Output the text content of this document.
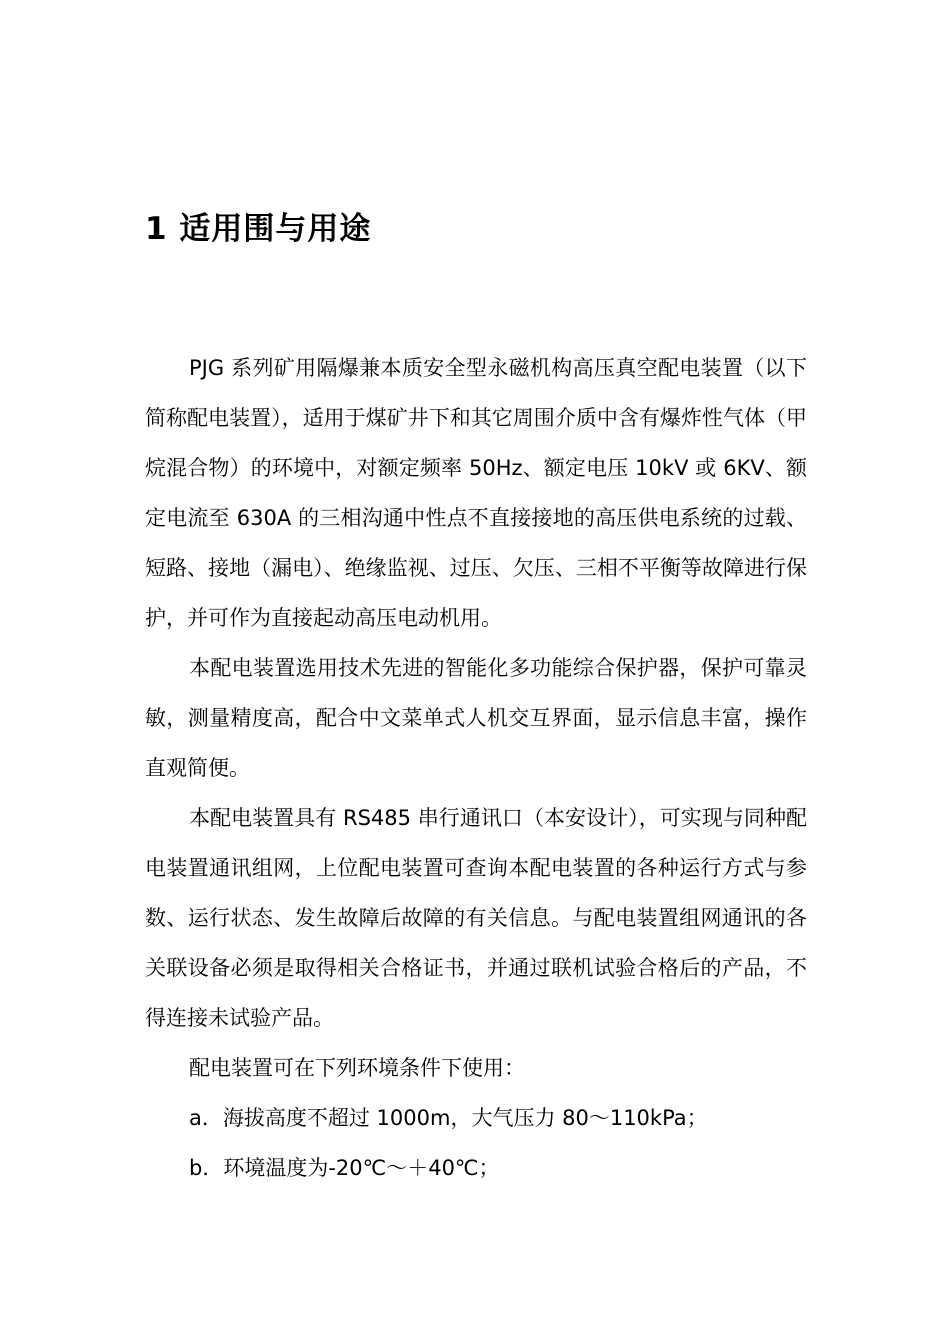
1 适用围与用途

PJG 系列矿用隔爆兼本质安全型永磁机构高压真空配电装置（以下简称配电装置），适用于煤矿井下和其它周围介质中含有爆炸性气体（甲烷混合物）的环境中，对额定频率 50Hz、额定电压 10kV 或 6KV、额定电流至 630A 的三相沟通中性点不直接接地的高压供电系统的过载、短路、接地（漏电）、绝缘监视、过压、欠压、三相不平衡等故障进行保护，并可作为直接起动高压电动机用。

本配电装置选用技术先进的智能化多功能综合保护器，保护可靠灵敏，测量精度高，配合中文菜单式人机交互界面，显示信息丰富，操作直观简便。

本配电装置具有 RS485 串行通讯口（本安设计），可实现与同种配电装置通讯组网，上位配电装置可查询本配电装置的各种运行方式与参数、运行状态、发生故障后故障的有关信息。与配电装置组网通讯的各关联设备必须是取得相关合格证书，并通过联机试验合格后的产品，不得连接未试验产品。

配电装置可在下列环境条件下使用：

a．海拔高度不超过 1000m，大气压力 80～110kPa；

b．环境温度为-20℃～＋40℃；
